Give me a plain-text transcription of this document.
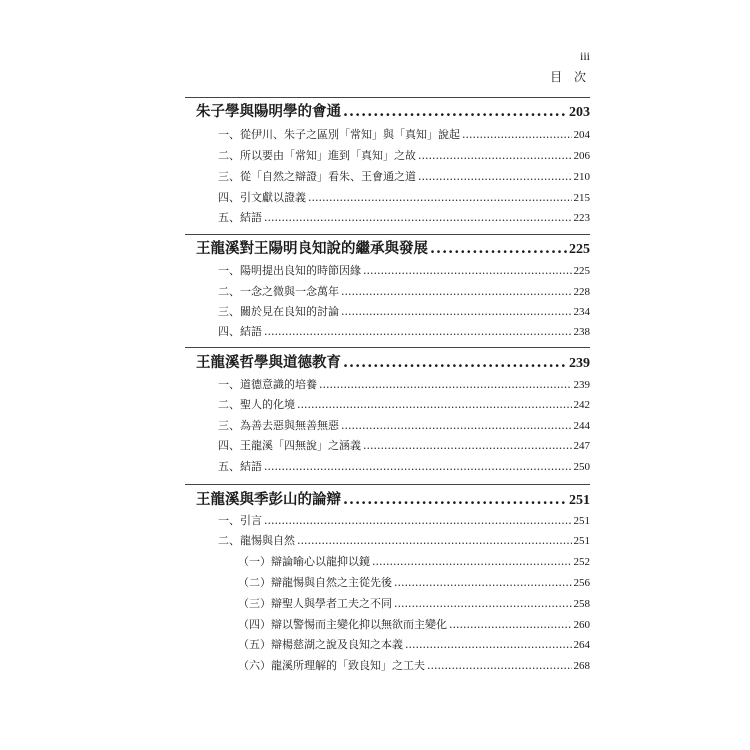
iii
目 次
朱子學與陽明學的會通 .....	203
一、從伊川、朱子之區別「常知」與「真知」說起 .....	204
二、所以要由「常知」進到「真知」之故 .....	206
三、從「自然之辯證」看朱、王會通之道 .....	210
四、引文獻以證義 .....	215
五、結語 .....	223
王龍溪對王陽明良知說的繼承與發展 .....	225
一、陽明提出良知的時節因緣 .....	225
二、一念之微與一念萬年 .....	228
三、關於見在良知的討論 .....	234
四、結語 .....	238
王龍溪哲學與道德教育 .....	239
一、道德意識的培養 .....	239
二、聖人的化境 .....	242
三、為善去惡與無善無惡 .....	244
四、王龍溪「四無說」之涵義 .....	247
五、結語 .....	250
王龍溪與季彭山的論辯 .....	251
一、引言 .....	251
二、龍惕與自然 .....	251
（一）辯論喻心以龍抑以鏡 .....	252
（二）辯龍惕與自然之主從先後 .....	256
（三）辯聖人與學者工夫之不同 .....	258
（四）辯以警惕而主變化抑以無欲而主變化 .....	260
（五）辯楊慈湖之說及良知之本義 .....	264
（六）龍溪所理解的「致良知」之工夫 .....	268
